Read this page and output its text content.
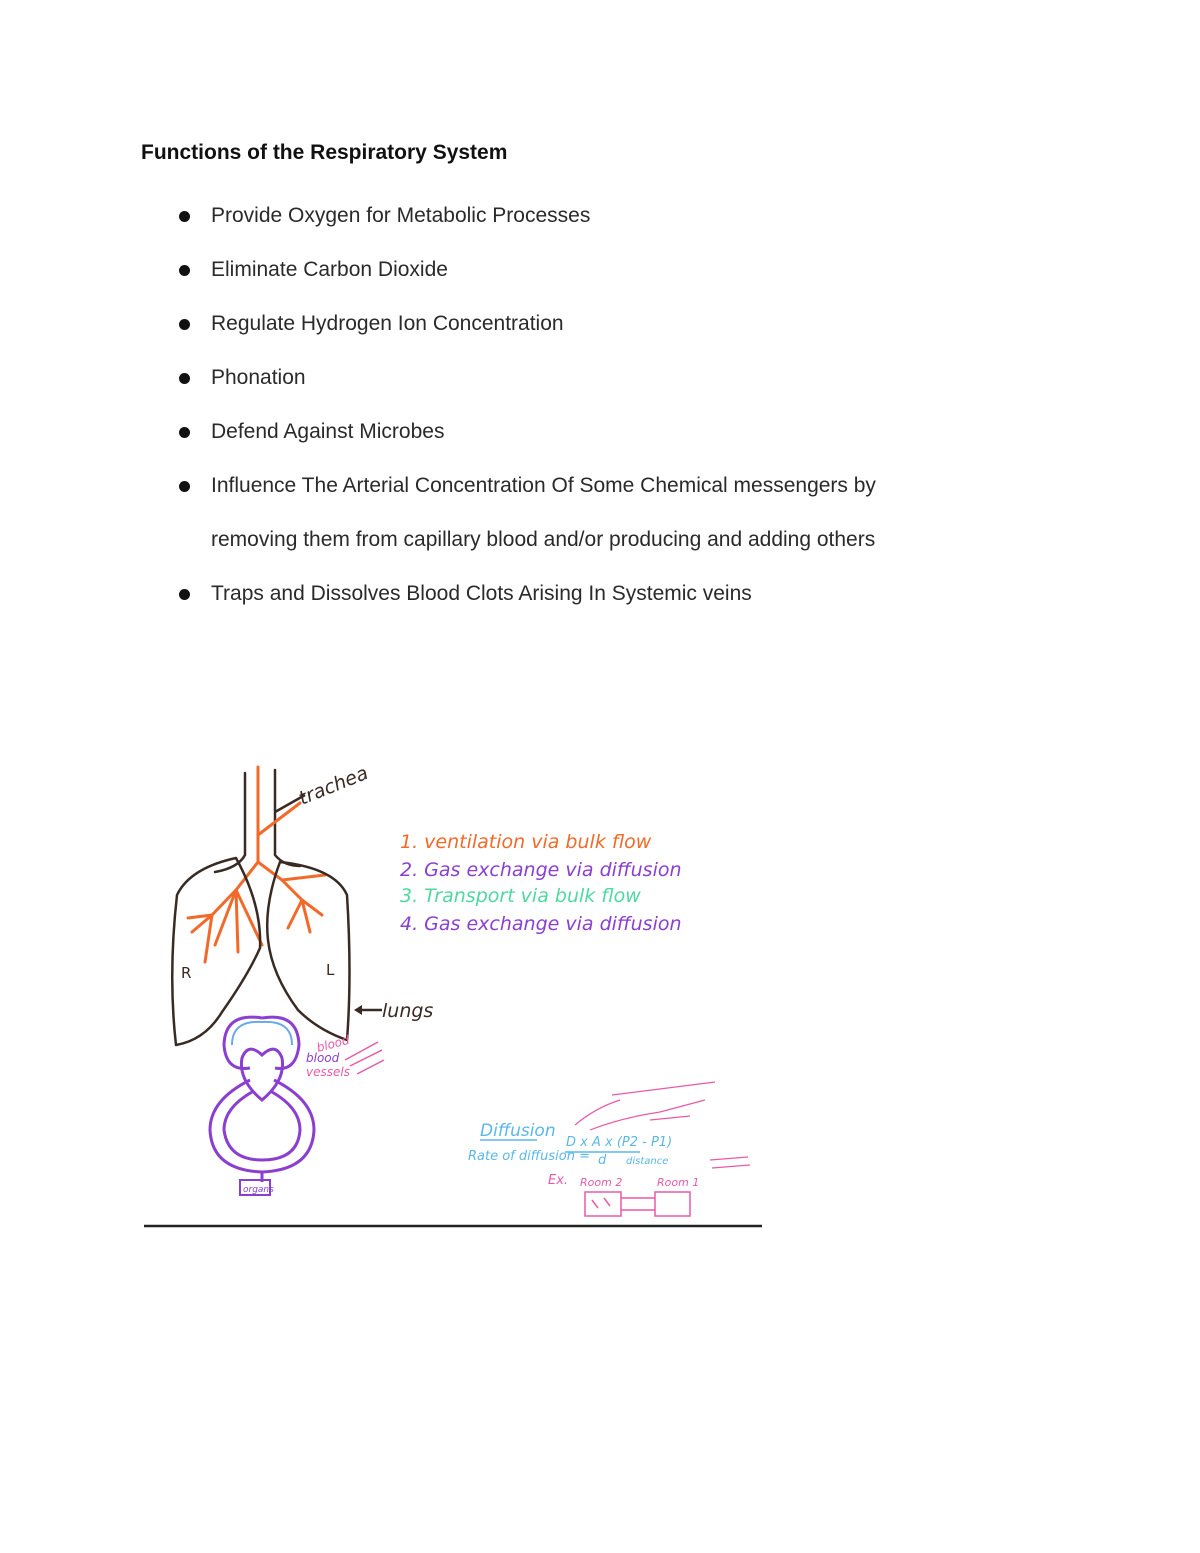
Functions of the Respiratory System
Provide Oxygen for Metabolic Processes
Eliminate Carbon Dioxide
Regulate Hydrogen Ion Concentration
Phonation
Defend Against Microbes
Influence The Arterial Concentration Of Some Chemical messengers by
removing them from capillary blood and/or producing and adding others
Traps and Dissolves Blood Clots Arising In Systemic veins
R	L
trachea
lungs
1. ventilation via bulk flow
2. Gas exchange via diffusion
3. Transport via bulk flow
4. Gas exchange via diffusion
organs
blood
blood
vessels
Diffusion
Rate of diffusion =
D x A x (P2 - P1)
d distance
Ex. Room 2	Room 1
